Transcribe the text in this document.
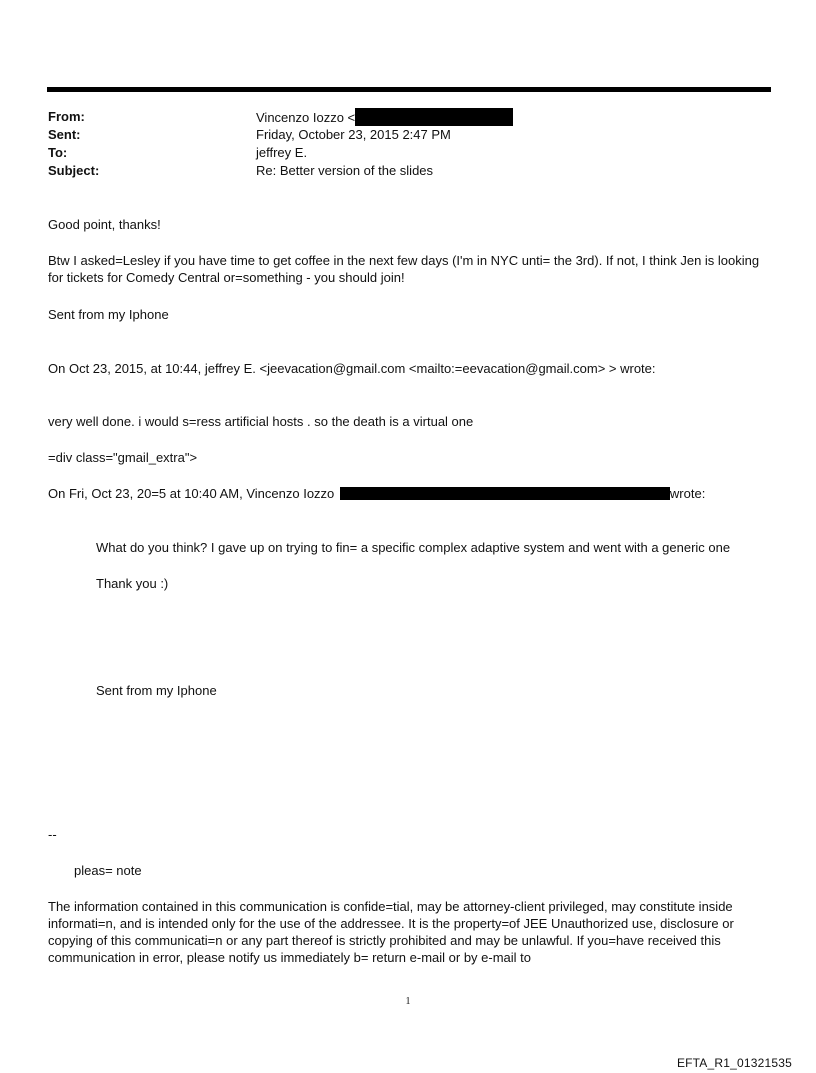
From:	Vincenzo Iozzo <
Sent:	Friday, October 23, 2015 2:47 PM
To:	jeffrey E.
Subject:	Re: Better version of the slides
Good point, thanks!
Btw I asked=Lesley if you have time to get coffee in the next few days (I'm in NYC unti= the 3rd). If not, I think Jen is looking for tickets for Comedy Central or=something - you should join!
Sent from my Iphone
On Oct 23, 2015, at 10:44, jeffrey E. <jeevacation@gmail.com <mailto:=eevacation@gmail.com> > wrote:
very well done. i would s=ress artificial hosts . so the death is a virtual one
=div class="gmail_extra">
On Fri, Oct 23, 20=5 at 10:40 AM, Vincenzo Iozzo	wrote:
What do you think? I gave up on trying to fin= a specific complex adaptive system and went with a generic one
Thank you :)
Sent from my Iphone
--
pleas= note
The information contained in this communication is confide=tial, may be attorney-client privileged, may constitute inside informati=n, and is intended only for the use of the addressee. It is the property=of JEE Unauthorized use, disclosure or copying of this communicati=n or any part thereof is strictly prohibited and may be unlawful. If you=have received this communication in error, please notify us immediately b= return e-mail or by e-mail to
1
EFTA_R1_01321535
